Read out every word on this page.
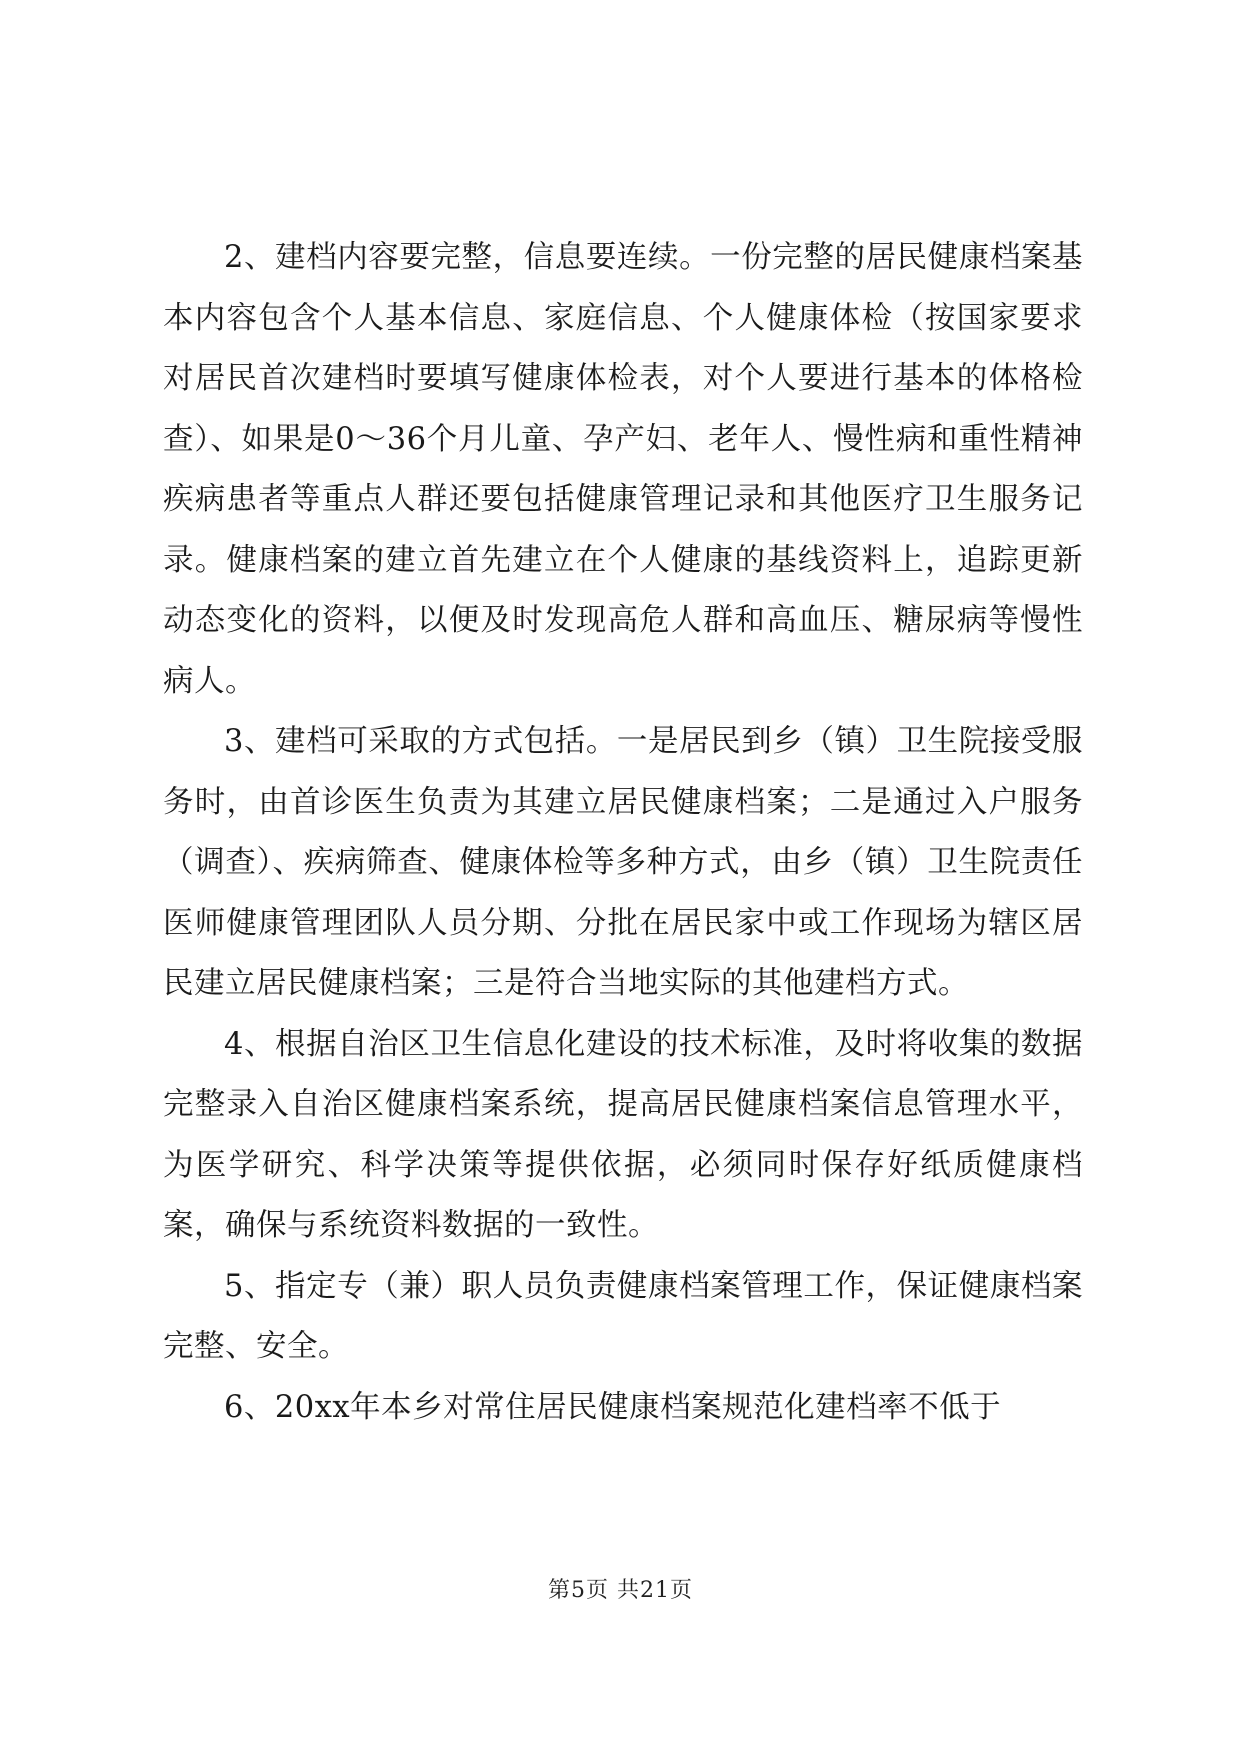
2、建档内容要完整，信息要连续。一份完整的居民健康档案基本内容包含个人基本信息、家庭信息、个人健康体检（按国家要求对居民首次建档时要填写健康体检表，对个人要进行基本的体格检查）、如果是0～36个月儿童、孕产妇、老年人、慢性病和重性精神疾病患者等重点人群还要包括健康管理记录和其他医疗卫生服务记录。健康档案的建立首先建立在个人健康的基线资料上，追踪更新动态变化的资料，以便及时发现高危人群和高血压、糖尿病等慢性病人。

3、建档可采取的方式包括。一是居民到乡（镇）卫生院接受服务时，由首诊医生负责为其建立居民健康档案；二是通过入户服务（调查）、疾病筛查、健康体检等多种方式，由乡（镇）卫生院责任医师健康管理团队人员分期、分批在居民家中或工作现场为辖区居民建立居民健康档案；三是符合当地实际的其他建档方式。

4、根据自治区卫生信息化建设的技术标准，及时将收集的数据完整录入自治区健康档案系统，提高居民健康档案信息管理水平，为医学研究、科学决策等提供依据，必须同时保存好纸质健康档案，确保与系统资料数据的一致性。

5、指定专（兼）职人员负责健康档案管理工作，保证健康档案完整、安全。

6、20xx年本乡对常住居民健康档案规范化建档率不低于

第5页 共21页
